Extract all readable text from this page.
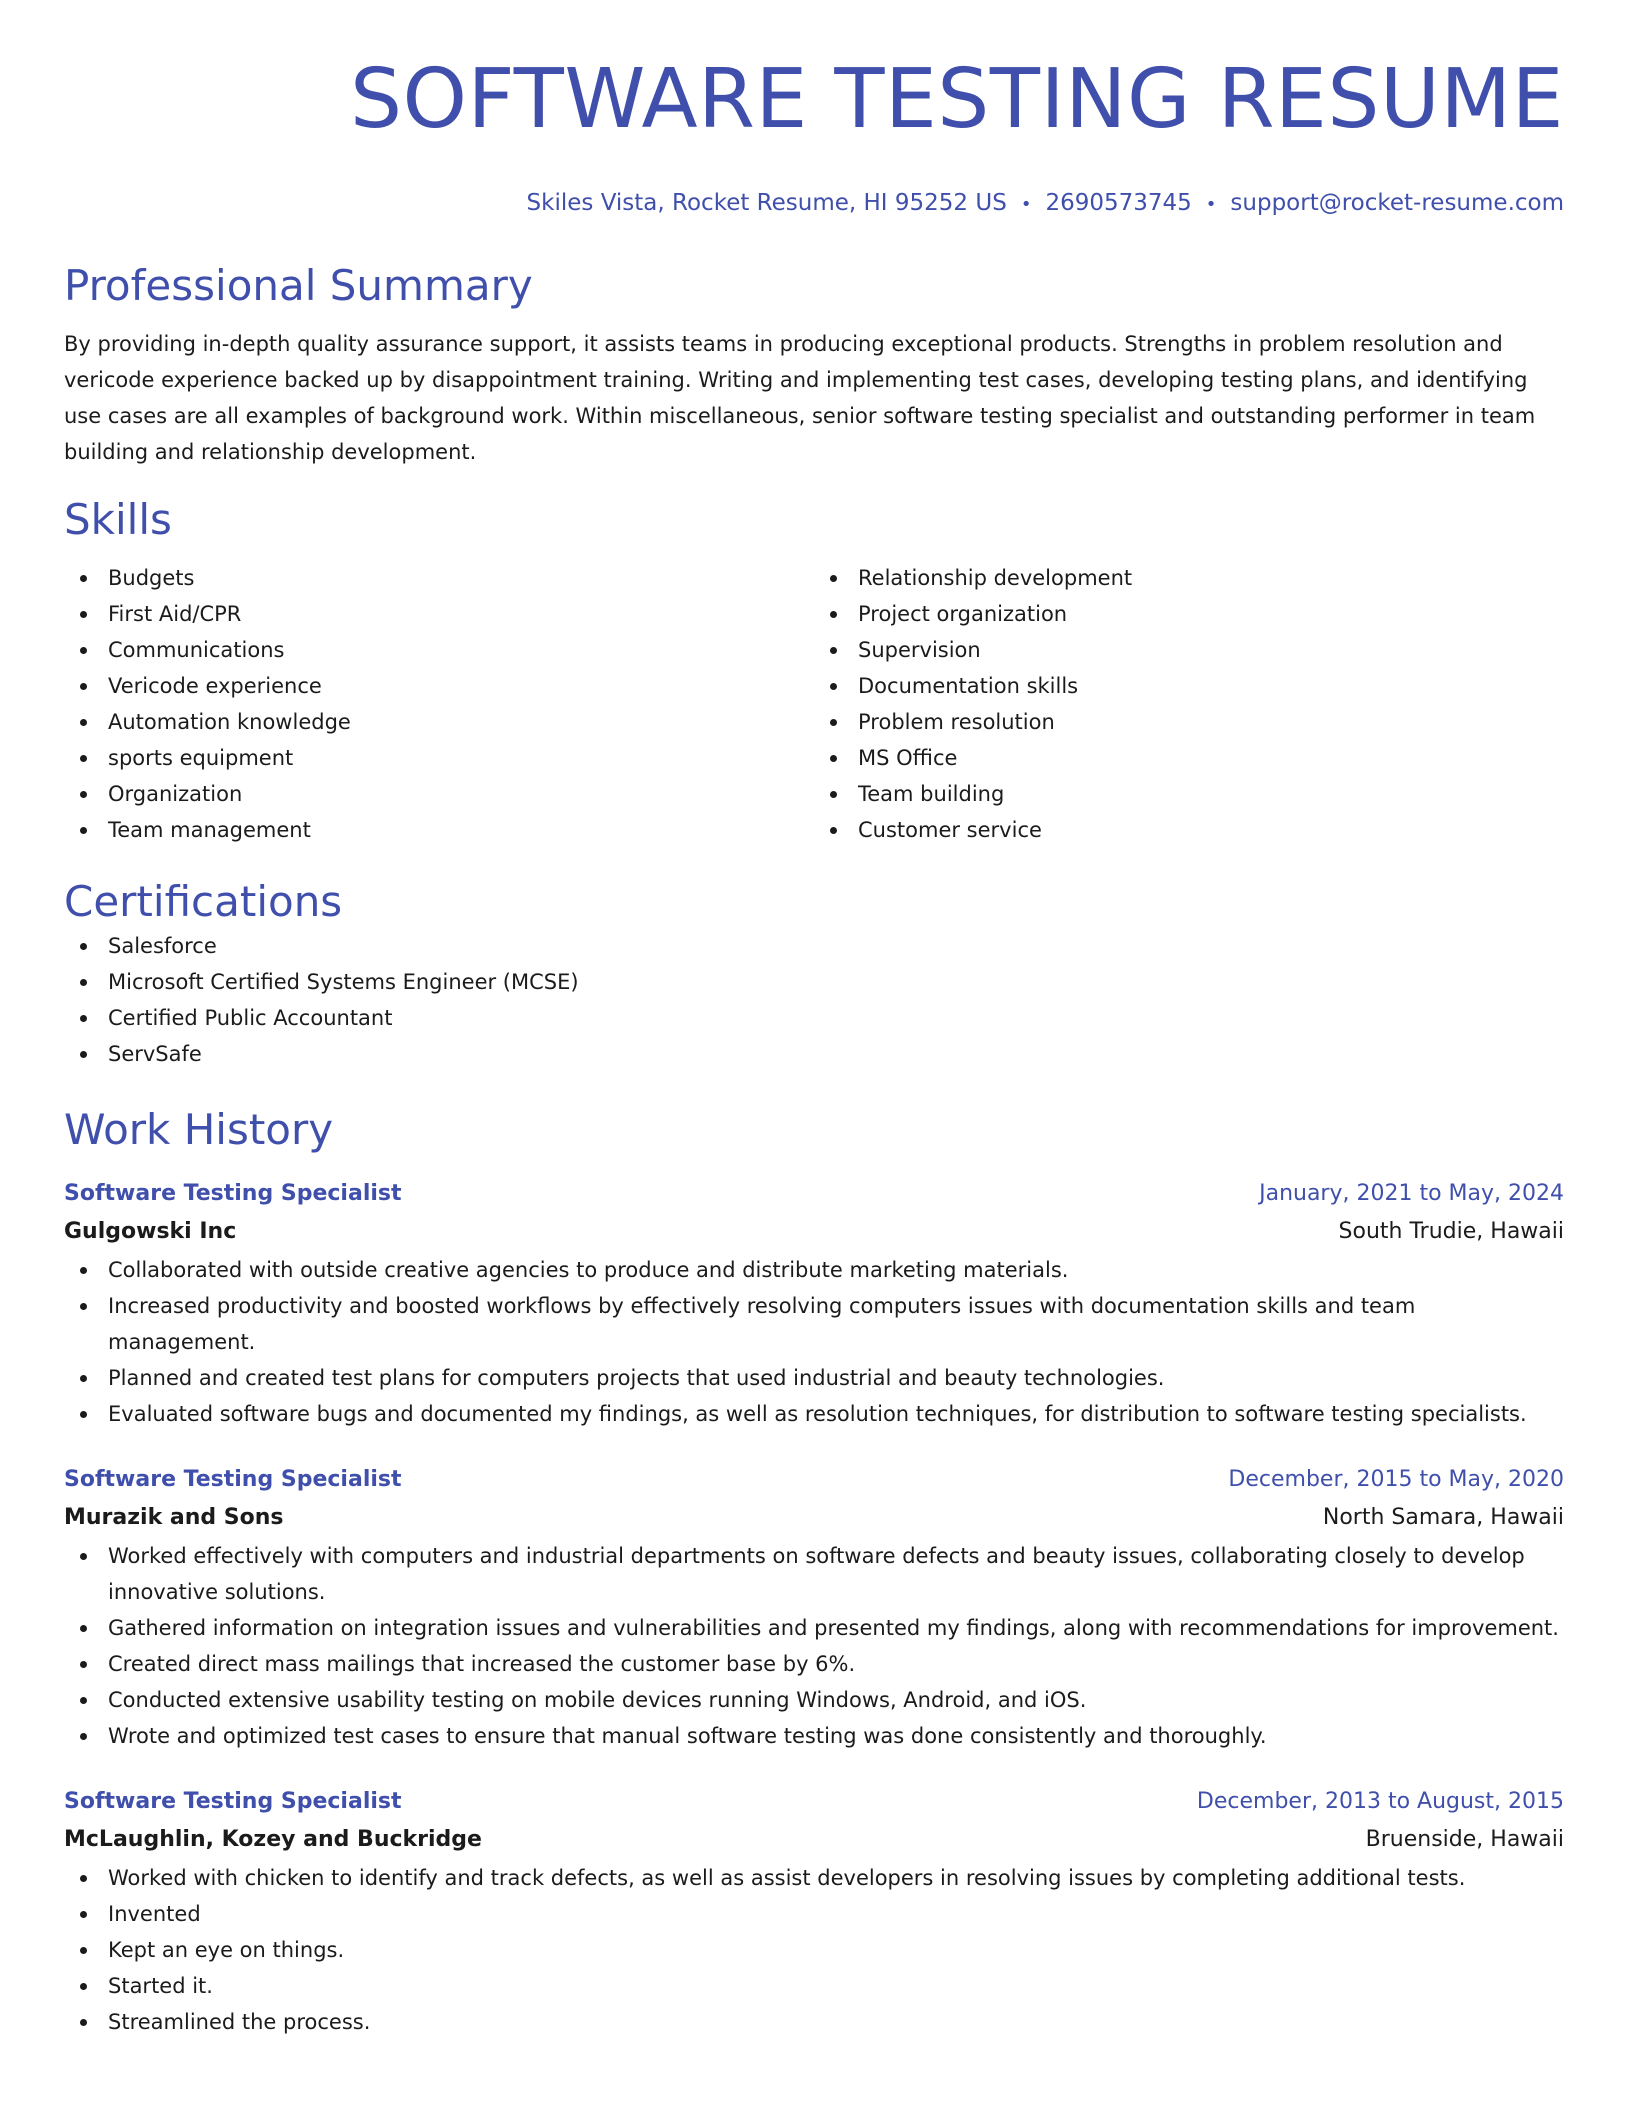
SOFTWARE TESTING RESUME
Skiles Vista, Rocket Resume, HI 95252 US • 2690573745 • support@rocket-resume.com
Professional Summary

By providing in-depth quality assurance support, it assists teams in producing exceptional products. Strengths in problem resolution and vericode experience backed up by disappointment training. Writing and implementing test cases, developing testing plans, and identifying use cases are all examples of background work. Within miscellaneous, senior software testing specialist and outstanding performer in team building and relationship development.

Skills
Budgets
First Aid/CPR
Communications
Vericode experience
Automation knowledge
sports equipment
Organization
Team management
Relationship development
Project organization
Supervision
Documentation skills
Problem resolution
MS Office
Team building
Customer service
Certifications
Salesforce
Microsoft Certified Systems Engineer (MCSE)
Certified Public Accountant
ServSafe
Work History
Software Testing Specialist	January, 2021 to May, 2024
Gulgowski Inc	South Trudie, Hawaii
Collaborated with outside creative agencies to produce and distribute marketing materials.
Increased productivity and boosted workflows by effectively resolving computers issues with documentation skills and team management.
Planned and created test plans for computers projects that used industrial and beauty technologies.
Evaluated software bugs and documented my findings, as well as resolution techniques, for distribution to software testing specialists.
Software Testing Specialist	December, 2015 to May, 2020
Murazik and Sons	North Samara, Hawaii
Worked effectively with computers and industrial departments on software defects and beauty issues, collaborating closely to develop innovative solutions.
Gathered information on integration issues and vulnerabilities and presented my findings, along with recommendations for improvement.
Created direct mass mailings that increased the customer base by 6%.
Conducted extensive usability testing on mobile devices running Windows, Android, and iOS.
Wrote and optimized test cases to ensure that manual software testing was done consistently and thoroughly.
Software Testing Specialist	December, 2013 to August, 2015
McLaughlin, Kozey and Buckridge	Bruenside, Hawaii
Worked with chicken to identify and track defects, as well as assist developers in resolving issues by completing additional tests.
Invented
Kept an eye on things.
Started it.
Streamlined the process.
